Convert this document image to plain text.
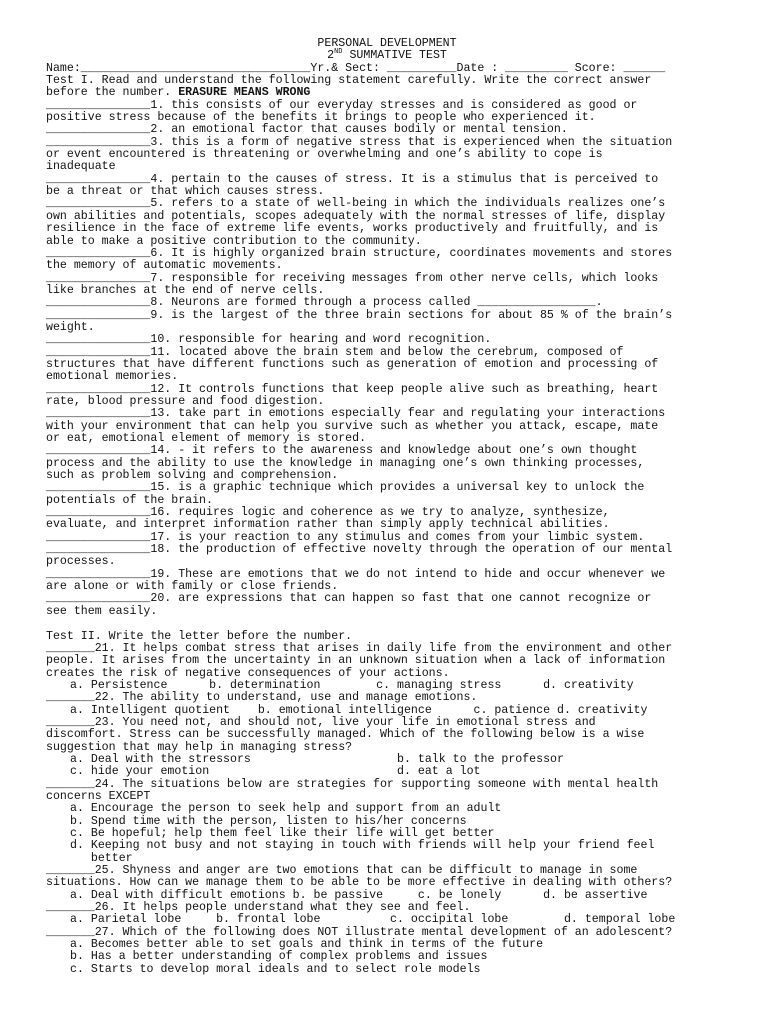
PERSONAL DEVELOPMENT

2ND SUMMATIVE TEST

Name:_________________________________Yr.& Sect: __________Date : _________ Score: ______

Test I. Read and understand the following statement carefully. Write the correct answer

before the number. ERASURE MEANS WRONG

_______________1. this consists of our everyday stresses and is considered as good or
positive stress because of the benefits it brings to people who experienced it.

_______________2. an emotional factor that causes bodily or mental tension.

_______________3. this is a form of negative stress that is experienced when the situation
or event encountered is threatening or overwhelming and one’s ability to cope is
inadequate

_______________4. pertain to the causes of stress. It is a stimulus that is perceived to
be a threat or that which causes stress.

_______________5. refers to a state of well-being in which the individuals realizes one’s
own abilities and potentials, scopes adequately with the normal stresses of life, display
resilience in the face of extreme life events, works productively and fruitfully, and is
able to make a positive contribution to the community.

_______________6. It is highly organized brain structure, coordinates movements and stores
the memory of automatic movements.

_______________7. responsible for receiving messages from other nerve cells, which looks
like branches at the end of nerve cells.

_______________8. Neurons are formed through a process called _________________.

_______________9. is the largest of the three brain sections for about 85 % of the brain’s
weight.

_______________10. responsible for hearing and word recognition.

_______________11. located above the brain stem and below the cerebrum, composed of
structures that have different functions such as generation of emotion and processing of
emotional memories.

_______________12. It controls functions that keep people alive such as breathing, heart
rate, blood pressure and food digestion.

_______________13. take part in emotions especially fear and regulating your interactions
with your environment that can help you survive such as whether you attack, escape, mate
or eat, emotional element of memory is stored.

_______________14. - it refers to the awareness and knowledge about one’s own thought
process and the ability to use the knowledge in managing one’s own thinking processes,
such as problem solving and comprehension.

_______________15. is a graphic technique which provides a universal key to unlock the
potentials of the brain.

_______________16. requires logic and coherence as we try to analyze, synthesize,
evaluate, and interpret information rather than simply apply technical abilities.

_______________17. is your reaction to any stimulus and comes from your limbic system.

_______________18. the production of effective novelty through the operation of our mental
processes.

_______________19. These are emotions that we do not intend to hide and occur whenever we
are alone or with family or close friends.

_______________20. are expressions that can happen so fast that one cannot recognize or
see them easily.

Test II. Write the letter before the number.

_______21. It helps combat stress that arises in daily life from the environment and other
people. It arises from the uncertainty in an unknown situation when a lack of information
creates the risk of negative consequences of your actions.

a. Persistence      b. determination        c. managing stress      d. creativity

_______22. The ability to understand, use and manage emotions.

a. Intelligent quotient    b. emotional intelligence      c. patience d. creativity

_______23. You need not, and should not, live your life in emotional stress and
discomfort. Stress can be successfully managed. Which of the following below is a wise
suggestion that may help in managing stress?

a. Deal with the stressors                     b. talk to the professor

c. hide your emotion                           d. eat a lot

_______24. The situations below are strategies for supporting someone with mental health
concerns EXCEPT

a. Encourage the person to seek help and support from an adult

b. Spend time with the person, listen to his/her concerns

c. Be hopeful; help them feel like their life will get better

d. Keeping not busy and not staying in touch with friends will help your friend feel
better

_______25. Shyness and anger are two emotions that can be difficult to manage in some
situations. How can we manage them to be able to be more effective in dealing with others?

a. Deal with difficult emotions b. be passive     c. be lonely      d. be assertive

_______26. It helps people understand what they see and feel.

a. Parietal lobe     b. frontal lobe          c. occipital lobe        d. temporal lobe

_______27. Which of the following does NOT illustrate mental development of an adolescent?

a. Becomes better able to set goals and think in terms of the future

b. Has a better understanding of complex problems and issues

c. Starts to develop moral ideals and to select role models
